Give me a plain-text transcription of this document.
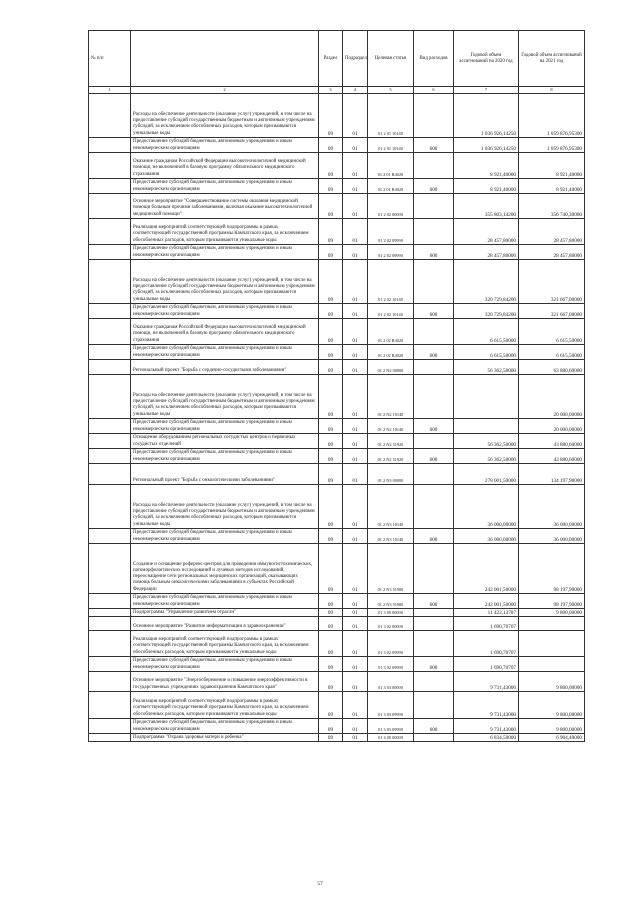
№ п/п		Раздел	Подраздел	Целевая статья	Вид расходов	Годовой объем ассигнований на 2020 год	Годовой объем ассигнований на 2021 год
1	2	3	4	5	6	7	8
	Расходы на обеспечение деятельности (оказание услуг) учреждений, в том числе на предоставление субсидий государственным бюджетным и автономным учреждениям субсидий, за исключением обособленных расходов, которым присваиваются уникальные коды	09	01	01 2 01 10140		1 036 926,14250	1 059 876,95300
	Предоставление субсидий бюджетным, автономным учреждениям и иным некоммерческим организациям	09	01	01 2 01 10140	600	1 036 926,14250	1 059 876,95300
	Оказание гражданам Российской Федерации высокотехнологичной медицинской помощи, не включенной в базовую программу обязательного медицинского страхования	09	01	01 2 01 R4020		8 921,40000	8 921,40000
	Предоставление субсидий бюджетным, автономным учреждениям и иным некоммерческим организациям	09	01	01 2 01 R4020	600	8 921,40000	8 921,40000
	Основное мероприятие "Совершенствование системы оказания медицинской помощи больным прочими заболеваниями, включая оказание высокотехнологичной медицинской помощи"	09	01	01 2 02 00000		355 803,14200	356 740,30000
	Реализация мероприятий соответствующей подпрограммы в рамках соответствующей государственной программы Камчатского края, за исключением обособленных расходов, которым присваиваются уникальные коды	09	01	01 2 02 09990		28 457,80000	28 457,80000
	Предоставление субсидий бюджетным, автономным учреждениям и иным некоммерческим организациям	09	01	01 2 02 09990	600	28 457,80000	28 457,80000
	Расходы на обеспечение деятельности (оказание услуг) учреждений, в том числе на предоставление субсидий государственным бюджетным и автономным учреждениям субсидий, за исключением обособленных расходов, которым присваиваются уникальные коды	09	01	01 2 02 10140		320 729,84200	321 667,00000
	Предоставление субсидий бюджетным, автономным учреждениям и иным некоммерческим организациям	09	01	01 2 02 10140	600	320 729,84200	321 667,00000
	Оказание гражданам Российской Федерации высокотехнологичной медицинской помощи, не включенной в базовую программу обязательного медицинского страхования	09	01	01 2 02 R4020		6 615,50000	6 615,50000
	Предоставление субсидий бюджетным, автономным учреждениям и иным некоммерческим организациям	09	01	01 2 02 R4020	600	6 615,50000	6 615,50000
	Региональный проект "Борьба с сердечно-сосудистыми заболеваниями"	09	01	01 2 N2 00000		56 362,50000	63 880,60000
	Расходы на обеспечение деятельности (оказание услуг) учреждений, в том числе на предоставление субсидий государственным бюджетным и автономным учреждениям субсидий, за исключением обособленных расходов, которым присваиваются уникальные коды	09	01	01 2 N2 10140			20 000,00000
	Предоставление субсидий бюджетным, автономным учреждениям и иным некоммерческим организациям	09	01	01 2 N2 10140	600		20 000,00000
	Оснащение оборудованием региональных сосудистых центров и первичных сосудистых отделений	09	01	01 2 N2 51920		56 362,50000	43 880,60000
	Предоставление субсидий бюджетным, автономным учреждениям и иным некоммерческим организациям	09	01	01 2 N2 51920	600	56 362,50000	43 880,60000
	Региональный проект "Борьба с онкологическими заболеваниями"	09	01	01 2 N3 00000		278 001,50000	134 197,90000
	Расходы на обеспечение деятельности (оказание услуг) учреждений, в том числе на предоставление субсидий государственным бюджетным и автономным учреждениям субсидий, за исключением обособленных расходов, которым присваиваются уникальные коды	09	01	01 2 N3 10140		36 000,00000	36 000,00000
	Предоставление субсидий бюджетным, автономным учреждениям и иным некоммерческим организациям	09	01	01 2 N3 10140	600	36 000,00000	36 000,00000
	Создание и оснащение референс-центров для проведения иммуногистохимических, патоморфологических исследований и лучевых методов исследований, переоснащение сети региональных медицинских организаций, оказывающих помощь больным онкологическими заболеваниями в субъектах Российской Федерации	09	01	01 2 N3 51900		242 001,50000	98 197,90000
	Предоставление субсидий бюджетным, автономным учреждениям и иным некоммерческим организациям	09	01	01 2 N3 51900	600	242 001,50000	98 197,90000
	Подпрограмма "Управление развитием отрасли"	09	01	01 3 00 00000		11 422,13707	9 800,00000
	Основное мероприятие "Развитие информатизации в здравоохранении"	09	01	01 3 02 00000		1 690,70707	
	Реализация мероприятий соответствующей подпрограммы в рамках соответствующей государственной программы Камчатского края, за исключением обособленных расходов, которым присваиваются уникальные коды	09	01	01 3 02 09990		1 690,70707	
	Предоставление субсидий бюджетным, автономным учреждениям и иным некоммерческим организациям	09	01	01 3 02 09990	600	1 690,70707	
	Основное мероприятие "Энергосбережение и повышение энергоэффективности в государственных учреждениях здравоохранения Камчатского края"	09	01	01 3 03 00000		9 731,43000	9 800,00000
	Реализация мероприятий соответствующей подпрограммы в рамках соответствующей государственной программы Камчатского края, за исключением обособленных расходов, которым присваиваются уникальные коды	09	01	01 3 03 09990		9 731,43000	9 800,00000
	Предоставление субсидий бюджетным, автономным учреждениям и иным некоммерческим организациям	09	01	01 3 03 09990	600	9 731,43000	9 800,00000
	Подпрограмма "Охрана здоровья матери и ребенка"	09	01	01 4 00 00000		6 834,50000	6 904,40000
57
